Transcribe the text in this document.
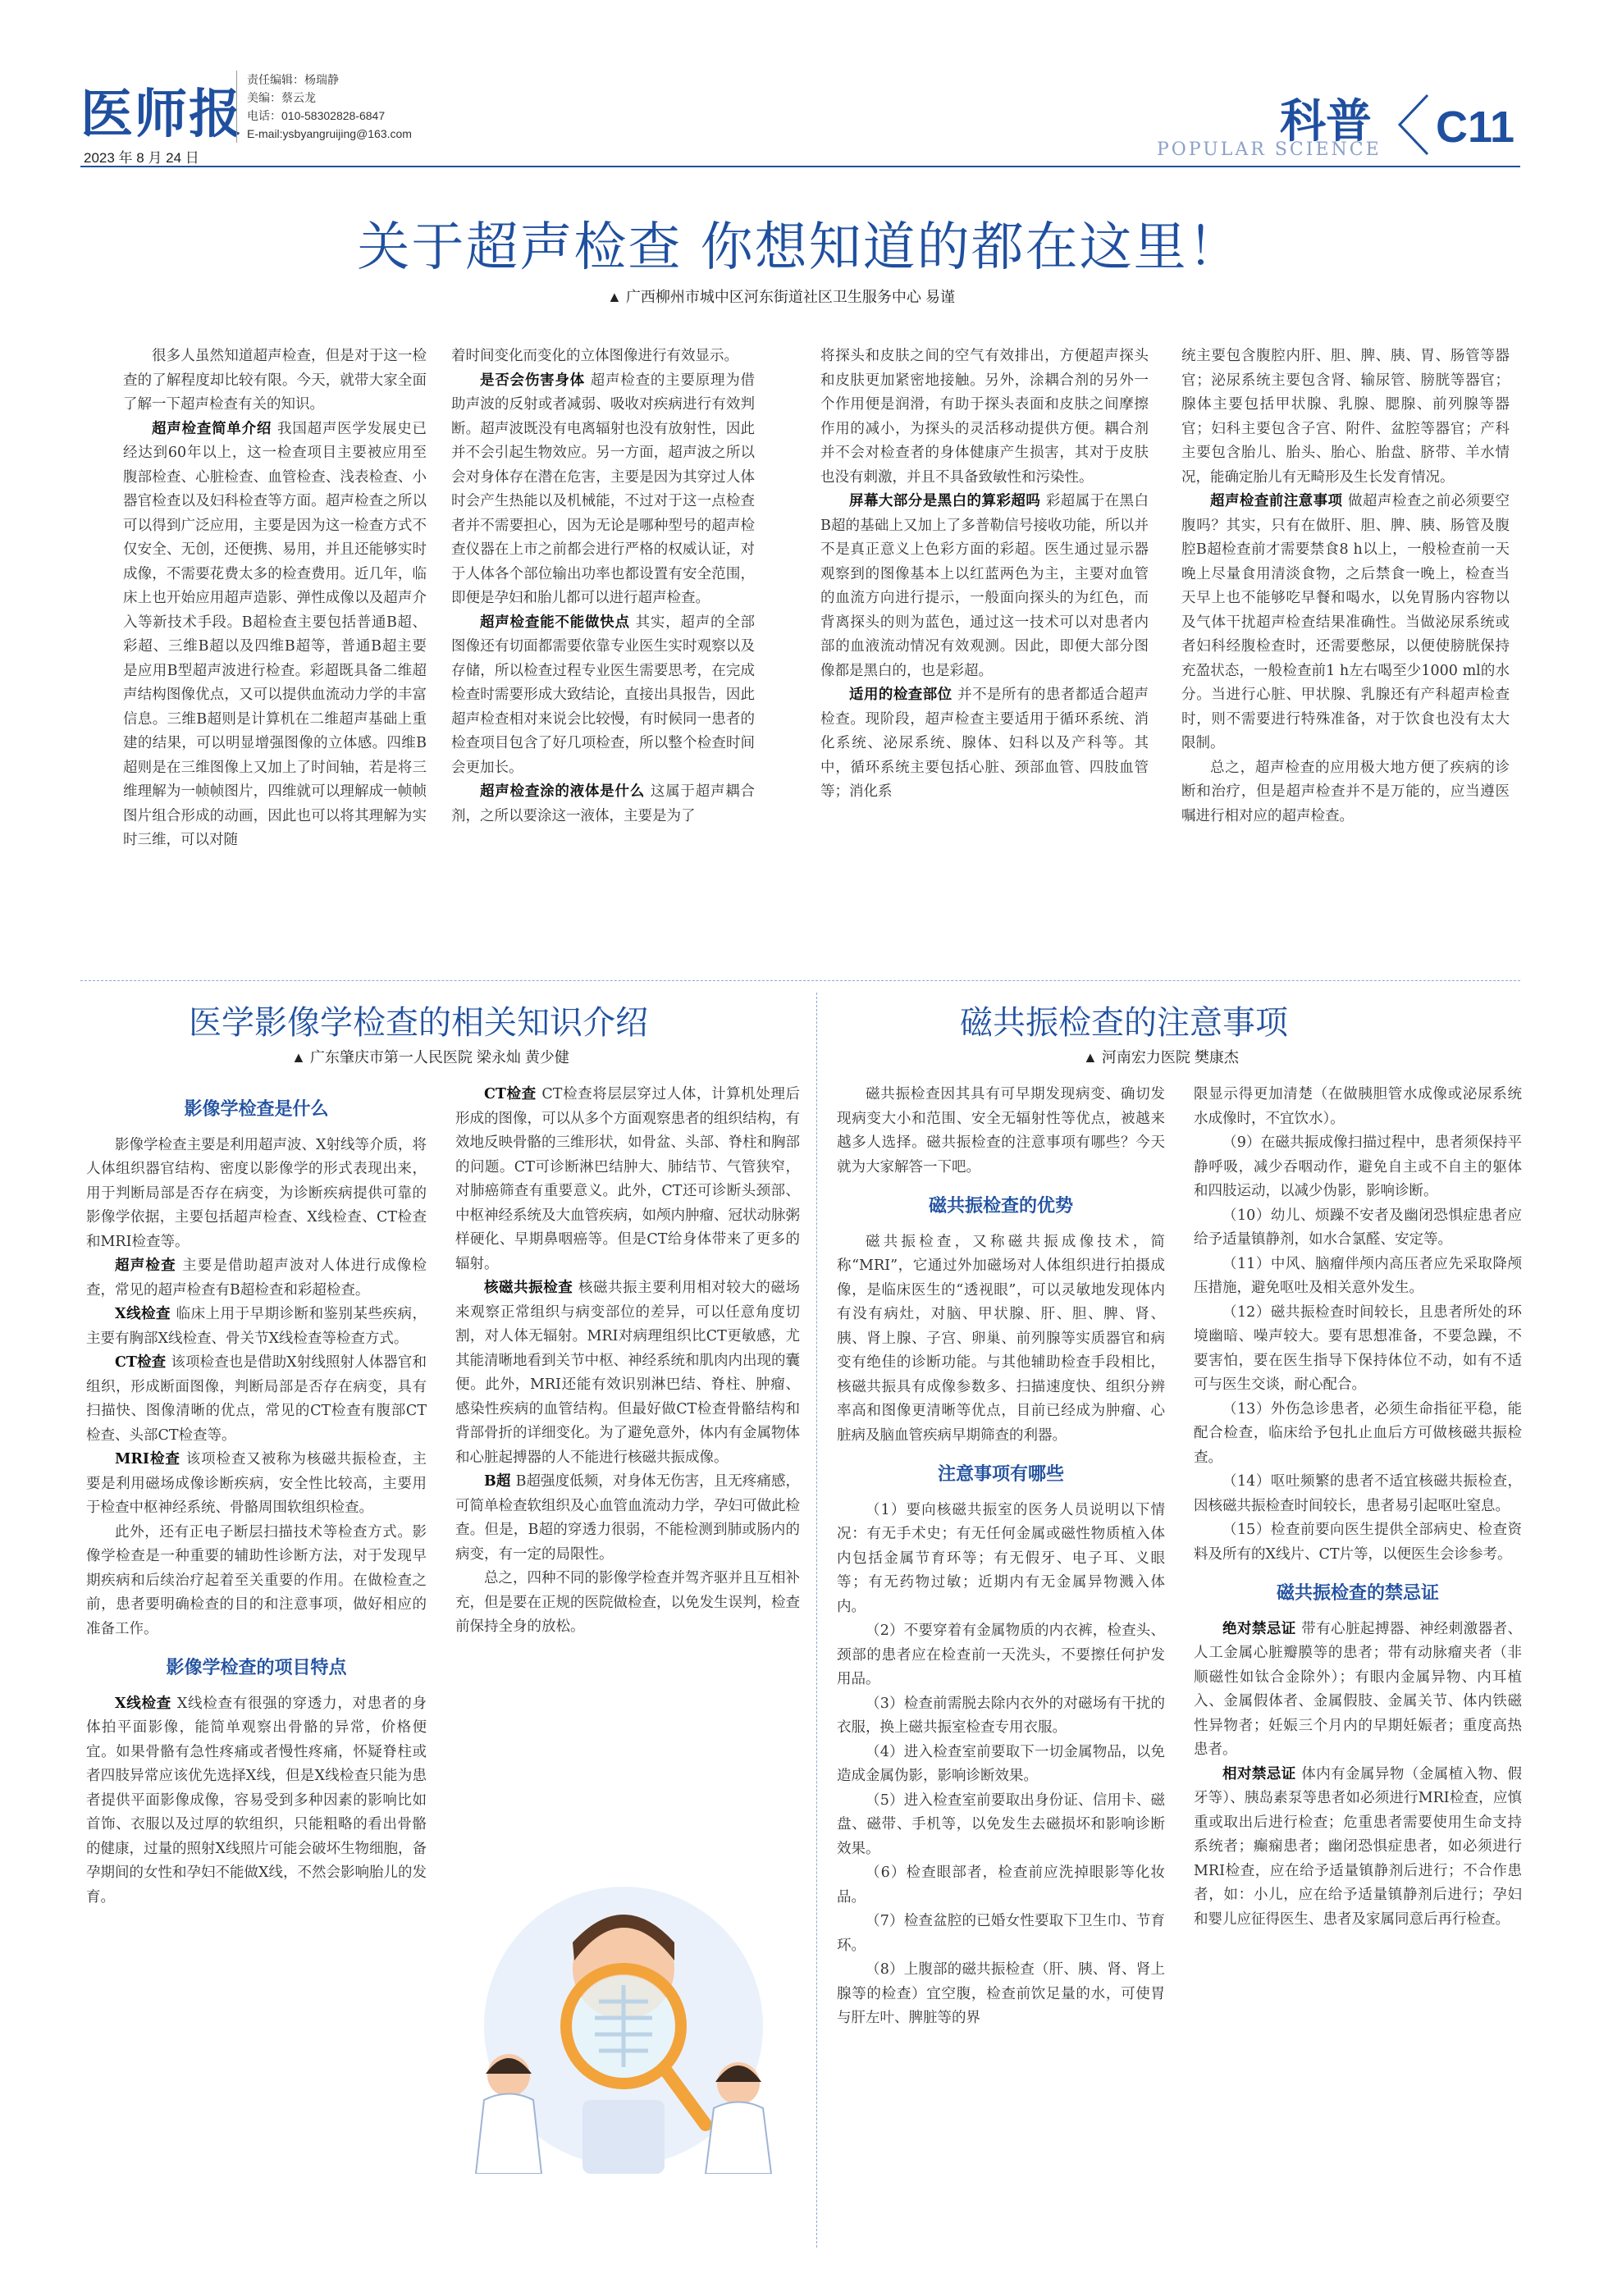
医师报
2023 年 8 月 24 日
责任编辑：杨瑞静
美编：蔡云龙
电话：010-58302828-6847
E-mail:ysbyangruijing@163.com	科普
POPULAR SCIENCE C11
关于超声检查 你想知道的都在这里！
▲ 广西柳州市城中区河东街道社区卫生服务中心 易谨

很多人虽然知道超声检查，但是对于这一检查的了解程度却比较有限。今天，就带大家全面了解一下超声检查有关的知识。

超声检查简单介绍 我国超声医学发展史已经达到60年以上，这一检查项目主要被应用至腹部检查、心脏检查、血管检查、浅表检查、小器官检查以及妇科检查等方面。超声检查之所以可以得到广泛应用，主要是因为这一检查方式不仅安全、无创，还便携、易用，并且还能够实时成像，不需要花费太多的检查费用。近几年，临床上也开始应用超声造影、弹性成像以及超声介入等新技术手段。B超检查主要包括普通B超、彩超、三维B超以及四维B超等，普通B超主要是应用B型超声波进行检查。彩超既具备二维超声结构图像优点，又可以提供血流动力学的丰富信息。三维B超则是计算机在二维超声基础上重建的结果，可以明显增强图像的立体感。四维B超则是在三维图像上又加上了时间轴，若是将三维理解为一帧帧图片，四维就可以理解成一帧帧图片组合形成的动画，因此也可以将其理解为实时三维，可以对随

着时间变化而变化的立体图像进行有效显示。

是否会伤害身体 超声检查的主要原理为借助声波的反射或者减弱、吸收对疾病进行有效判断。超声波既没有电离辐射也没有放射性，因此并不会引起生物效应。另一方面，超声波之所以会对身体存在潜在危害，主要是因为其穿过人体时会产生热能以及机械能，不过对于这一点检查者并不需要担心，因为无论是哪种型号的超声检查仪器在上市之前都会进行严格的权威认证，对于人体各个部位输出功率也都设置有安全范围，即便是孕妇和胎儿都可以进行超声检查。

超声检查能不能做快点 其实，超声的全部图像还有切面都需要依靠专业医生实时观察以及存储，所以检查过程专业医生需要思考，在完成检查时需要形成大致结论，直接出具报告，因此超声检查相对来说会比较慢，有时候同一患者的检查项目包含了好几项检查，所以整个检查时间会更加长。

超声检查涂的液体是什么 这属于超声耦合剂，之所以要涂这一液体，主要是为了

将探头和皮肤之间的空气有效排出，方便超声探头和皮肤更加紧密地接触。另外，涂耦合剂的另外一个作用便是润滑，有助于探头表面和皮肤之间摩擦作用的减小，为探头的灵活移动提供方便。耦合剂并不会对检查者的身体健康产生损害，其对于皮肤也没有刺激，并且不具备致敏性和污染性。

屏幕大部分是黑白的算彩超吗 彩超属于在黑白B超的基础上又加上了多普勒信号接收功能，所以并不是真正意义上色彩方面的彩超。医生通过显示器观察到的图像基本上以红蓝两色为主，主要对血管的血流方向进行提示，一般面向探头的为红色，而背离探头的则为蓝色，通过这一技术可以对患者内部的血液流动情况有效观测。因此，即便大部分图像都是黑白的，也是彩超。

适用的检查部位 并不是所有的患者都适合超声检查。现阶段，超声检查主要适用于循环系统、消化系统、泌尿系统、腺体、妇科以及产科等。其中，循环系统主要包括心脏、颈部血管、四肢血管等；消化系

统主要包含腹腔内肝、胆、脾、胰、胃、肠管等器官；泌尿系统主要包含肾、输尿管、膀胱等器官；腺体主要包括甲状腺、乳腺、腮腺、前列腺等器官；妇科主要包含子宫、附件、盆腔等器官；产科主要包含胎儿、胎头、胎心、胎盘、脐带、羊水情况，能确定胎儿有无畸形及生长发育情况。

超声检查前注意事项 做超声检查之前必须要空腹吗？其实，只有在做肝、胆、脾、胰、肠管及腹腔B超检查前才需要禁食8 h以上，一般检查前一天晚上尽量食用清淡食物，之后禁食一晚上，检查当天早上也不能够吃早餐和喝水，以免胃肠内容物以及气体干扰超声检查结果准确性。当做泌尿系统或者妇科经腹检查时，还需要憋尿，以便使膀胱保持充盈状态，一般检查前1 h左右喝至少1000 ml的水分。当进行心脏、甲状腺、乳腺还有产科超声检查时，则不需要进行特殊准备，对于饮食也没有太大限制。

总之，超声检查的应用极大地方便了疾病的诊断和治疗，但是超声检查并不是万能的，应当遵医嘱进行相对应的超声检查。

医学影像学检查的相关知识介绍
▲ 广东肇庆市第一人民医院 梁永灿 黄少健
影像学检查是什么

影像学检查主要是利用超声波、X射线等介质，将人体组织器官结构、密度以影像学的形式表现出来，用于判断局部是否存在病变，为诊断疾病提供可靠的影像学依据，主要包括超声检查、X线检查、CT检查和MRI检查等。

超声检查 主要是借助超声波对人体进行成像检查，常见的超声检查有B超检查和彩超检查。

X线检查 临床上用于早期诊断和鉴别某些疾病，主要有胸部X线检查、骨关节X线检查等检查方式。

CT检查 该项检查也是借助X射线照射人体器官和组织，形成断面图像，判断局部是否存在病变，具有扫描快、图像清晰的优点，常见的CT检查有腹部CT检查、头部CT检查等。

MRI检查 该项检查又被称为核磁共振检查，主要是利用磁场成像诊断疾病，安全性比较高，主要用于检查中枢神经系统、骨骼周围软组织检查。

此外，还有正电子断层扫描技术等检查方式。影像学检查是一种重要的辅助性诊断方法，对于发现早期疾病和后续治疗起着至关重要的作用。在做检查之前，患者要明确检查的目的和注意事项，做好相应的准备工作。

影像学检查的项目特点

X线检查 X线检查有很强的穿透力，对患者的身体拍平面影像，能简单观察出骨骼的异常，价格便宜。如果骨骼有急性疼痛或者慢性疼痛，怀疑脊柱或者四肢异常应该优先选择X线，但是X线检查只能为患者提供平面影像成像，容易受到多种因素的影响比如首饰、衣服以及过厚的软组织，只能粗略的看出骨骼的健康，过量的照射X线照片可能会破坏生物细胞，备孕期间的女性和孕妇不能做X线，不然会影响胎儿的发育。

CT检查 CT检查将层层穿过人体，计算机处理后形成的图像，可以从多个方面观察患者的组织结构，有效地反映骨骼的三维形状，如骨盆、头部、脊柱和胸部的问题。CT可诊断淋巴结肿大、肺结节、气管狭窄，对肺癌筛查有重要意义。此外，CT还可诊断头颈部、中枢神经系统及大血管疾病，如颅内肿瘤、冠状动脉粥样硬化、早期鼻咽癌等。但是CT给身体带来了更多的辐射。

核磁共振检查 核磁共振主要利用相对较大的磁场来观察正常组织与病变部位的差异，可以任意角度切割，对人体无辐射。MRI对病理组织比CT更敏感，尤其能清晰地看到关节中枢、神经系统和肌肉内出现的囊便。此外，MRI还能有效识别淋巴结、脊柱、肿瘤、感染性疾病的血管结构。但最好做CT检查骨骼结构和背部骨折的详细变化。为了避免意外，体内有金属物体和心脏起搏器的人不能进行核磁共振成像。

B超 B超强度低频，对身体无伤害，且无疼痛感，可简单检查软组织及心血管血流动力学，孕妇可做此检查。但是，B超的穿透力很弱，不能检测到肺或肠内的病变，有一定的局限性。

总之，四种不同的影像学检查并驾齐驱并且互相补充，但是要在正规的医院做检查，以免发生误判，检查前保持全身的放松。

磁共振检查的注意事项
▲ 河南宏力医院 樊康杰

磁共振检查因其具有可早期发现病变、确切发现病变大小和范围、安全无辐射性等优点，被越来越多人选择。磁共振检查的注意事项有哪些？今天就为大家解答一下吧。

磁共振检查的优势

磁共振检查，又称磁共振成像技术，简称“MRI”，它通过外加磁场对人体组织进行拍摄成像，是临床医生的“透视眼”，可以灵敏地发现体内有没有病灶，对脑、甲状腺、肝、胆、脾、肾、胰、肾上腺、子宫、卵巢、前列腺等实质器官和病变有绝佳的诊断功能。与其他辅助检查手段相比，核磁共振具有成像参数多、扫描速度快、组织分辨率高和图像更清晰等优点，目前已经成为肿瘤、心脏病及脑血管疾病早期筛查的利器。

注意事项有哪些

（1）要向核磁共振室的医务人员说明以下情况：有无手术史；有无任何金属或磁性物质植入体内包括金属节育环等；有无假牙、电子耳、义眼等；有无药物过敏；近期内有无金属异物溅入体内。

（2）不要穿着有金属物质的内衣裤，检查头、颈部的患者应在检查前一天洗头，不要擦任何护发用品。

（3）检查前需脱去除内衣外的对磁场有干扰的衣服，换上磁共振室检查专用衣服。

（4）进入检查室前要取下一切金属物品，以免造成金属伪影，影响诊断效果。

（5）进入检查室前要取出身份证、信用卡、磁盘、磁带、手机等，以免发生去磁损坏和影响诊断效果。

（6）检查眼部者，检查前应洗掉眼影等化妆品。

（7）检查盆腔的已婚女性要取下卫生巾、节育环。

（8）上腹部的磁共振检查（肝、胰、肾、肾上腺等的检查）宜空腹，检查前饮足量的水，可使胃与肝左叶、脾脏等的界

限显示得更加清楚（在做胰胆管水成像或泌尿系统水成像时，不宜饮水）。

（9）在磁共振成像扫描过程中，患者须保持平静呼吸，减少吞咽动作，避免自主或不自主的躯体和四肢运动，以减少伪影，影响诊断。

（10）幼儿、烦躁不安者及幽闭恐惧症患者应给予适量镇静剂，如水合氯醛、安定等。

（11）中风、脑瘤伴颅内高压者应先采取降颅压措施，避免呕吐及相关意外发生。

（12）磁共振检查时间较长，且患者所处的环境幽暗、噪声较大。要有思想准备，不要急躁，不要害怕，要在医生指导下保持体位不动，如有不适可与医生交谈，耐心配合。

（13）外伤急诊患者，必须生命指征平稳，能配合检查，临床给予包扎止血后方可做核磁共振检查。

（14）呕吐频繁的患者不适宜核磁共振检查，因核磁共振检查时间较长，患者易引起呕吐窒息。

（15）检查前要向医生提供全部病史、检查资料及所有的X线片、CT片等，以便医生会诊参考。

磁共振检查的禁忌证

绝对禁忌证 带有心脏起搏器、神经刺激器者、人工金属心脏瓣膜等的患者；带有动脉瘤夹者（非顺磁性如钛合金除外）；有眼内金属异物、内耳植入、金属假体者、金属假肢、金属关节、体内铁磁性异物者；妊娠三个月内的早期妊娠者；重度高热患者。

相对禁忌证 体内有金属异物（金属植入物、假牙等）、胰岛素泵等患者如必须进行MRI检查，应慎重或取出后进行检查；危重患者需要使用生命支持系统者；癫痫患者；幽闭恐惧症患者，如必须进行MRI检查，应在给予适量镇静剂后进行；不合作患者，如：小儿，应在给予适量镇静剂后进行；孕妇和婴儿应征得医生、患者及家属同意后再行检查。
